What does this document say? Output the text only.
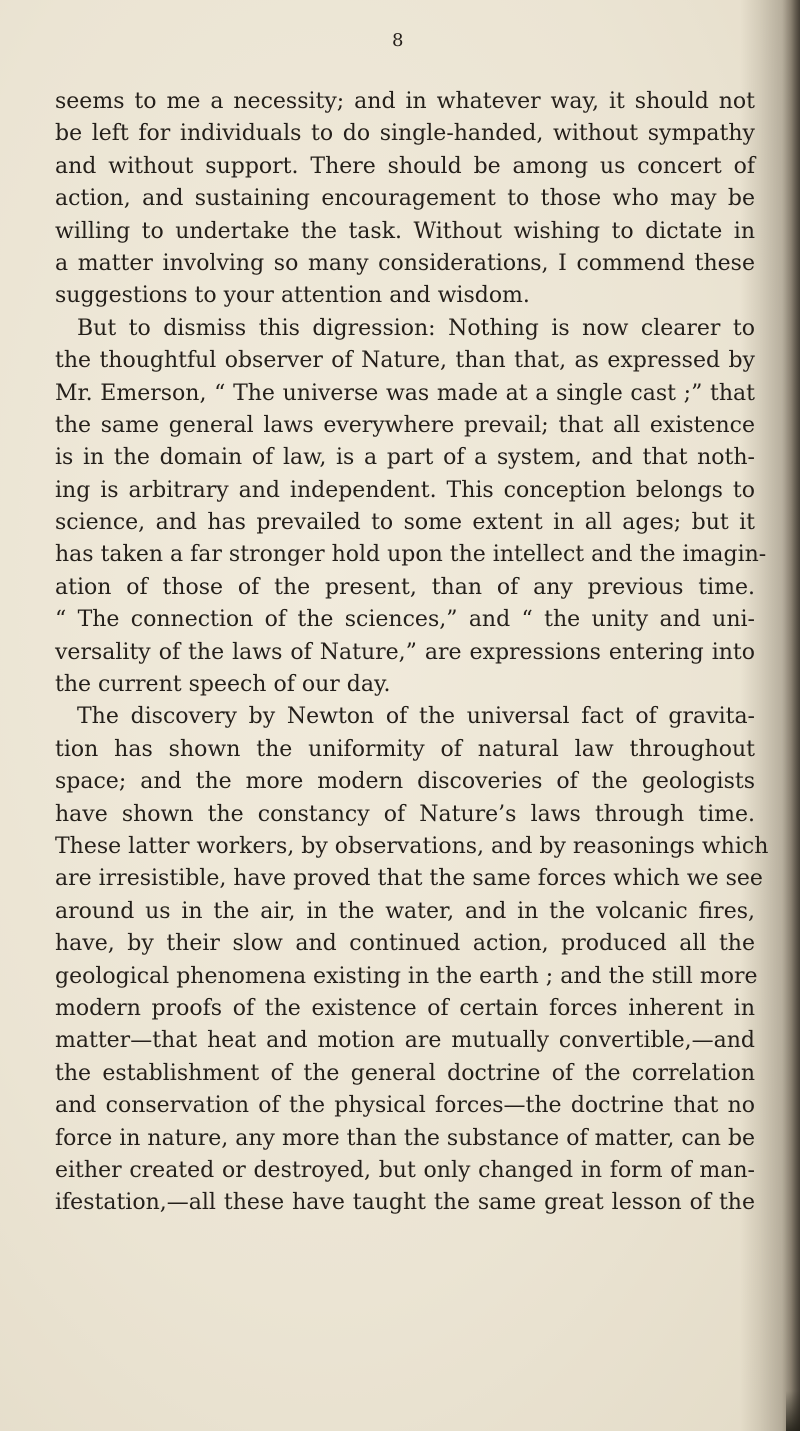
8
seems to me a necessity; and in whatever way, it should not
be left for individuals to do single-handed, without sympathy
and without support. There should be among us concert of
action, and sustaining encouragement to those who may be
willing to undertake the task. Without wishing to dictate in
a matter involving so many considerations, I commend these
suggestions to your attention and wisdom.
But to dismiss this digression: Nothing is now clearer to
the thoughtful observer of Nature, than that, as expressed by
Mr. Emerson, “ The universe was made at a single cast ;” that
the same general laws everywhere prevail; that all existence
is in the domain of law, is a part of a system, and that noth-
ing is arbitrary and independent. This conception belongs to
science, and has prevailed to some extent in all ages; but it
has taken a far stronger hold upon the intellect and the imagin-
ation of those of the present, than of any previous time.
“ The connection of the sciences,” and “ the unity and uni-
versality of the laws of Nature,” are expressions entering into
the current speech of our day.
The discovery by Newton of the universal fact of gravita-
tion has shown the uniformity of natural law throughout
space; and the more modern discoveries of the geologists
have shown the constancy of Nature’s laws through time.
These latter workers, by observations, and by reasonings which
are irresistible, have proved that the same forces which we see
around us in the air, in the water, and in the volcanic fires,
have, by their slow and continued action, produced all the
geological phenomena existing in the earth ; and the still more
modern proofs of the existence of certain forces inherent in
matter—that heat and motion are mutually convertible,—and
the establishment of the general doctrine of the correlation
and conservation of the physical forces—the doctrine that no
force in nature, any more than the substance of matter, can be
either created or destroyed, but only changed in form of man-
ifestation,—all these have taught the same great lesson of the
